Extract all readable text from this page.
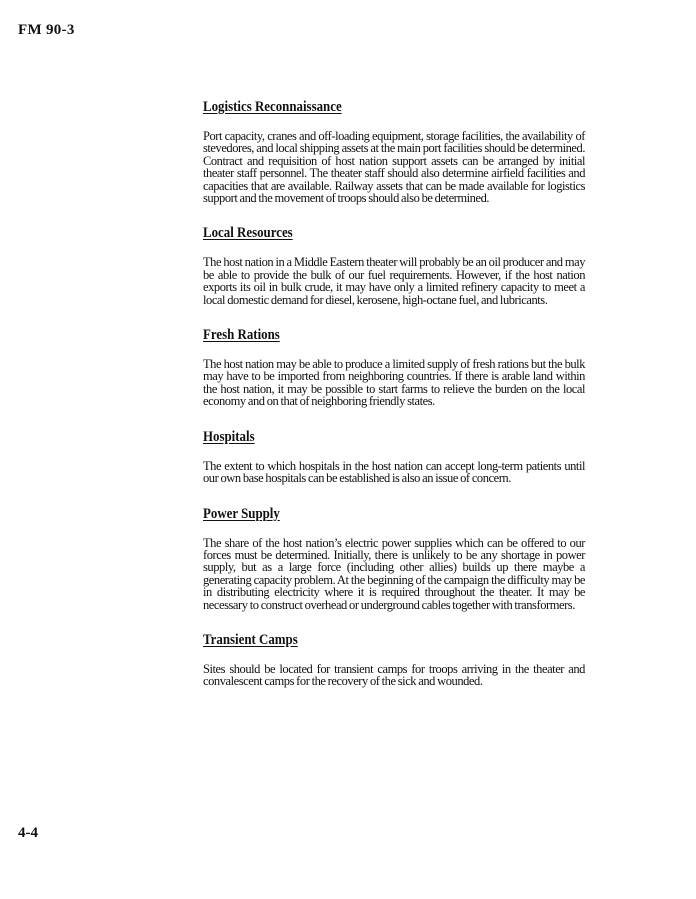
FM 90-3
Logistics Reconnaissance

Port capacity, cranes and off-loading equipment, storage facilities, the availability of stevedores, and local shipping assets at the main port facilities should be determined. Contract and requisition of host nation support assets can be arranged by initial theater staff personnel. The theater staff should also determine airfield facilities and capacities that are available. Railway assets that can be made available for logistics support and the movement of troops should also be determined.

Local Resources

The host nation in a Middle Eastern theater will probably be an oil producer and may be able to provide the bulk of our fuel requirements. However, if the host nation exports its oil in bulk crude, it may have only a limited refinery capacity to meet a local domestic demand for diesel, kerosene, high-octane fuel, and lubricants.

Fresh Rations

The host nation may be able to produce a limited supply of fresh rations but the bulk may have to be imported from neighboring countries. If there is arable land within the host nation, it may be possible to start farms to relieve the burden on the local economy and on that of neighboring friendly states.

Hospitals

The extent to which hospitals in the host nation can accept long-term patients until our own base hospitals can be established is also an issue of concern.

Power Supply

The share of the host nation’s electric power supplies which can be offered to our forces must be determined. Initially, there is unlikely to be any shortage in power supply, but as a large force (including other allies) builds up there maybe a generating capacity problem. At the beginning of the campaign the difficulty may be in distributing electricity where it is required throughout the theater. It may be necessary to construct overhead or underground cables together with transformers.

Transient Camps

Sites should be located for transient camps for troops arriving in the theater and convalescent camps for the recovery of the sick and wounded.

4-4
